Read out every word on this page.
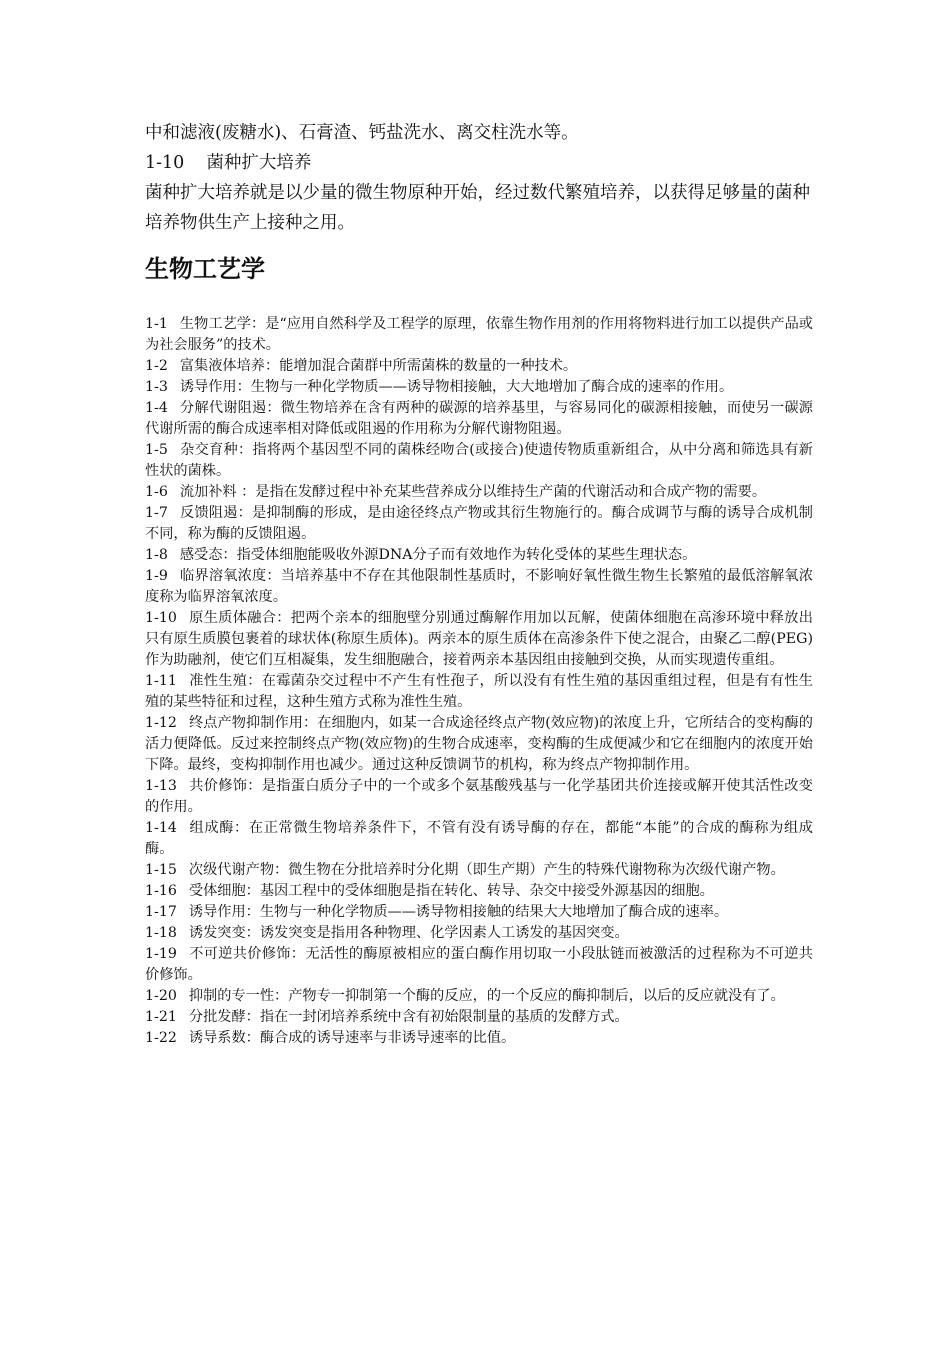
中和滤液(废糖水)、石膏渣、钙盐洗水、离交柱洗水等。

1-10 菌种扩大培养

菌种扩大培养就是以少量的微生物原种开始，经过数代繁殖培养，以获得足够量的菌种培养物供生产上接种之用。

生物工艺学

1-1 生物工艺学：是“应用自然科学及工程学的原理，依靠生物作用剂的作用将物料进行加工以提供产品或为社会服务”的技术。

1-2 富集液体培养：能增加混合菌群中所需菌株的数量的一种技术。

1-3 诱导作用：生物与一种化学物质——诱导物相接触，大大地增加了酶合成的速率的作用。

1-4 分解代谢阻遏：微生物培养在含有两种的碳源的培养基里，与容易同化的碳源相接触，而使另一碳源代谢所需的酶合成速率相对降低或阻遏的作用称为分解代谢物阻遏。

1-5 杂交育种：指将两个基因型不同的菌株经吻合(或接合)使遗传物质重新组合，从中分离和筛选具有新性状的菌株。

1-6 流加补料 ：是指在发酵过程中补充某些营养成分以维持生产菌的代谢活动和合成产物的需要。

1-7 反馈阻遏：是抑制酶的形成，是由途径终点产物或其衍生物施行的。酶合成调节与酶的诱导合成机制不同，称为酶的反馈阻遏。

1-8 感受态：指受体细胞能吸收外源DNA分子而有效地作为转化受体的某些生理状态。

1-9 临界溶氧浓度：当培养基中不存在其他限制性基质时，不影响好氧性微生物生长繁殖的最低溶解氧浓度称为临界溶氧浓度。

1-10 原生质体融合：把两个亲本的细胞壁分别通过酶解作用加以瓦解，使菌体细胞在高渗环境中释放出只有原生质膜包裹着的球状体(称原生质体)。两亲本的原生质体在高渗条件下使之混合，由聚乙二醇(PEG)作为助融剂，使它们互相凝集，发生细胞融合，接着两亲本基因组由接触到交换，从而实现遗传重组。

1-11 准性生殖：在霉菌杂交过程中不产生有性孢子，所以没有有性生殖的基因重组过程，但是有有性生殖的某些特征和过程，这种生殖方式称为准性生殖。

1-12 终点产物抑制作用：在细胞内，如某一合成途径终点产物(效应物)的浓度上升，它所结合的变构酶的活力便降低。反过来控制终点产物(效应物)的生物合成速率，变构酶的生成便减少和它在细胞内的浓度开始下降。最终，变构抑制作用也减少。通过这种反馈调节的机构，称为终点产物抑制作用。

1-13 共价修饰：是指蛋白质分子中的一个或多个氨基酸残基与一化学基团共价连接或解开使其活性改变的作用。

1-14 组成酶：在正常微生物培养条件下，不管有没有诱导酶的存在，都能“本能”的合成的酶称为组成酶。

1-15 次级代谢产物：微生物在分批培养时分化期（即生产期）产生的特殊代谢物称为次级代谢产物。

1-16 受体细胞：基因工程中的受体细胞是指在转化、转导、杂交中接受外源基因的细胞。

1-17 诱导作用：生物与一种化学物质——诱导物相接触的结果大大地增加了酶合成的速率。

1-18 诱发突变：诱发突变是指用各种物理、化学因素人工诱发的基因突变。

1-19 不可逆共价修饰：无活性的酶原被相应的蛋白酶作用切取一小段肽链而被激活的过程称为不可逆共价修饰。

1-20 抑制的专一性：产物专一抑制第一个酶的反应，的一个反应的酶抑制后，以后的反应就没有了。

1-21 分批发酵：指在一封闭培养系统中含有初始限制量的基质的发酵方式。

1-22 诱导系数：酶合成的诱导速率与非诱导速率的比值。
